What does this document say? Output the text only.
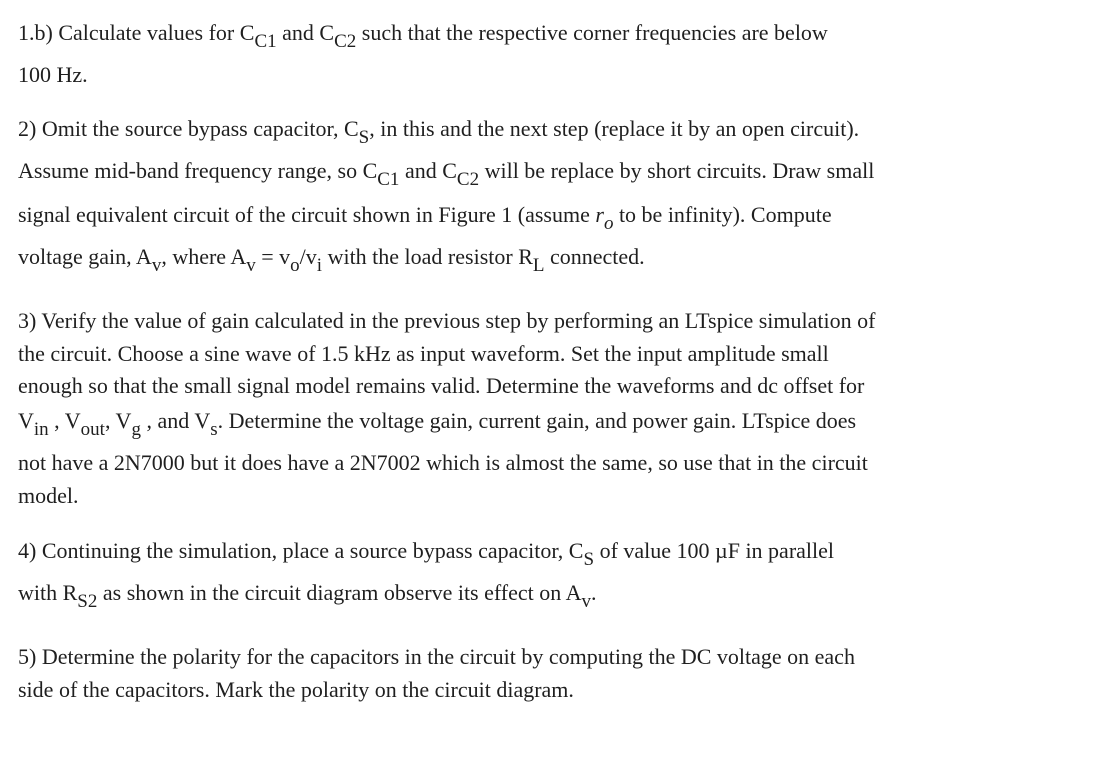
1.b) Calculate values for CC1 and CC2 such that the respective corner frequencies are below
100 Hz.
2) Omit the source bypass capacitor, CS, in this and the next step (replace it by an open circuit).
Assume mid-band frequency range, so CC1 and CC2 will be replace by short circuits. Draw small
signal equivalent circuit of the circuit shown in Figure 1 (assume ro to be infinity). Compute
voltage gain, Av, where Av = vo/vi with the load resistor RL connected.
3) Verify the value of gain calculated in the previous step by performing an LTspice simulation of
the circuit. Choose a sine wave of 1.5 kHz as input waveform. Set the input amplitude small
enough so that the small signal model remains valid. Determine the waveforms and dc offset for
Vin , Vout, Vg , and Vs. Determine the voltage gain, current gain, and power gain. LTspice does
not have a 2N7000 but it does have a 2N7002 which is almost the same, so use that in the circuit
model.
4) Continuing the simulation, place a source bypass capacitor, CS of value 100 µF in parallel
with RS2 as shown in the circuit diagram observe its effect on Av.
5) Determine the polarity for the capacitors in the circuit by computing the DC voltage on each
side of the capacitors. Mark the polarity on the circuit diagram.
